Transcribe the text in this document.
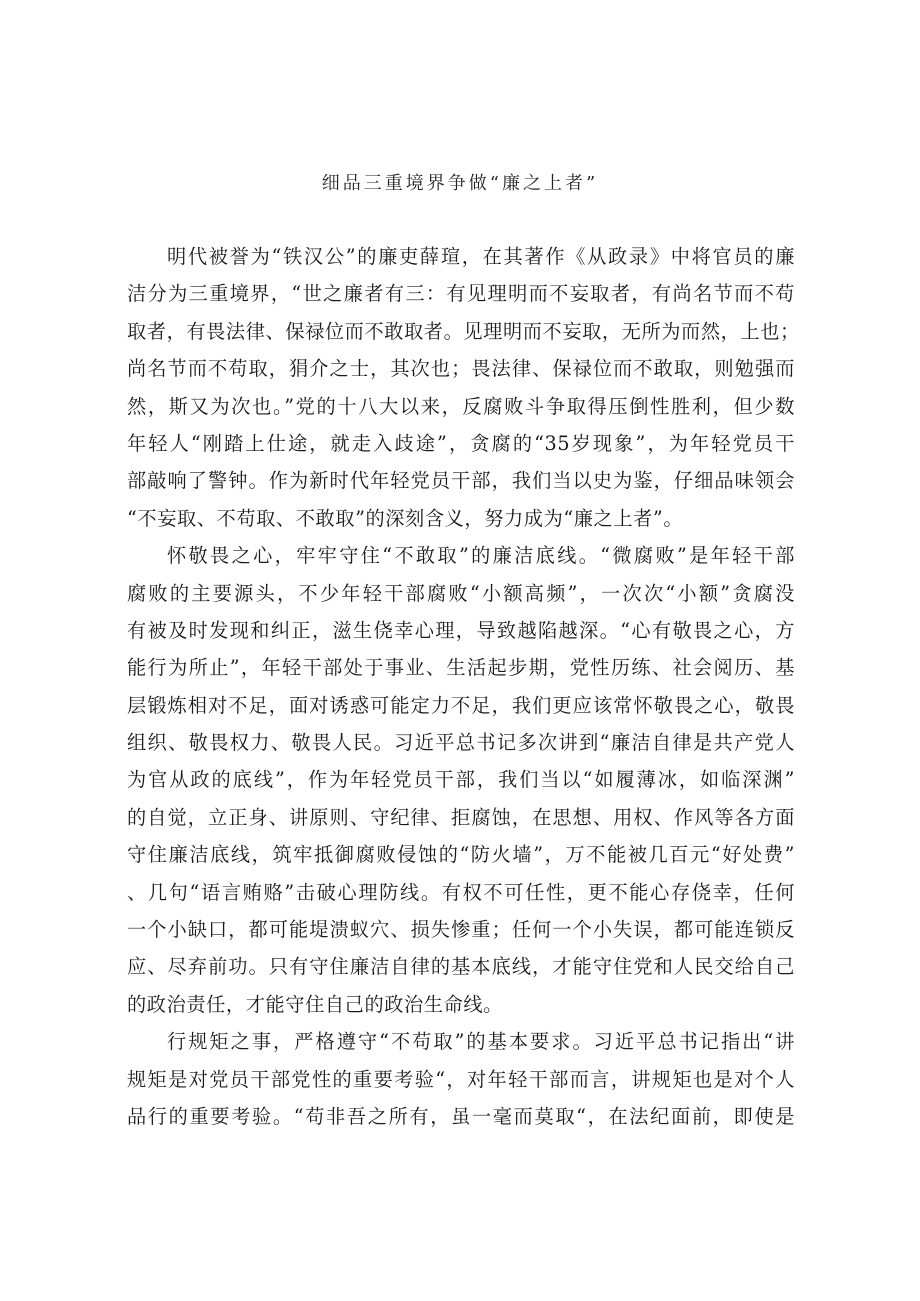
细品三重境界争做“廉之上者”
明代被誉为“铁汉公”的廉吏薛瑄，在其著作《从政录》中将官员的廉
洁分为三重境界，“世之廉者有三：有见理明而不妄取者，有尚名节而不苟
取者，有畏法律、保禄位而不敢取者。见理明而不妄取，无所为而然，上也；
尚名节而不苟取，狷介之士，其次也；畏法律、保禄位而不敢取，则勉强而
然，斯又为次也。”党的十八大以来，反腐败斗争取得压倒性胜利，但少数
年轻人“刚踏上仕途，就走入歧途”，贪腐的“35岁现象”，为年轻党员干
部敲响了警钟。作为新时代年轻党员干部，我们当以史为鉴，仔细品味领会
“不妄取、不苟取、不敢取”的深刻含义，努力成为“廉之上者”。
怀敬畏之心，牢牢守住“不敢取”的廉洁底线。“微腐败”是年轻干部
腐败的主要源头，不少年轻干部腐败“小额高频”，一次次“小额”贪腐没
有被及时发现和纠正，滋生侥幸心理，导致越陷越深。“心有敬畏之心，方
能行为所止”，年轻干部处于事业、生活起步期，党性历练、社会阅历、基
层锻炼相对不足，面对诱惑可能定力不足，我们更应该常怀敬畏之心，敬畏
组织、敬畏权力、敬畏人民。习近平总书记多次讲到“廉洁自律是共产党人
为官从政的底线”，作为年轻党员干部，我们当以“如履薄冰，如临深渊”
的自觉，立正身、讲原则、守纪律、拒腐蚀，在思想、用权、作风等各方面
守住廉洁底线，筑牢抵御腐败侵蚀的“防火墙”，万不能被几百元“好处费”
、几句“语言贿赂”击破心理防线。有权不可任性，更不能心存侥幸，任何
一个小缺口，都可能堤溃蚁穴、损失惨重；任何一个小失误，都可能连锁反
应、尽弃前功。只有守住廉洁自律的基本底线，才能守住党和人民交给自己
的政治责任，才能守住自己的政治生命线。
行规矩之事，严格遵守“不苟取”的基本要求。习近平总书记指出“讲
规矩是对党员干部党性的重要考验“，对年轻干部而言，讲规矩也是对个人
品行的重要考验。“苟非吾之所有，虽一毫而莫取“，在法纪面前，即使是
